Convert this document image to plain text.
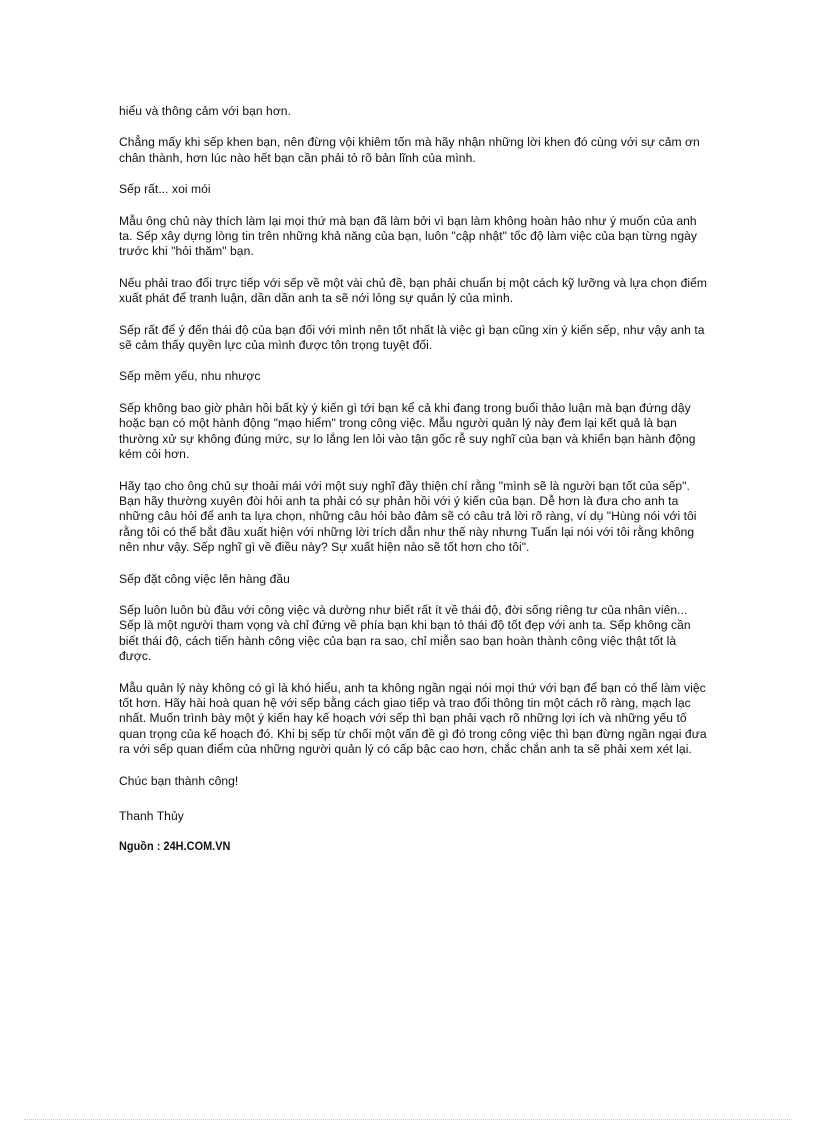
hiểu và thông cảm với bạn hơn.

Chẳng mấy khi sếp khen bạn, nên đừng vội khiêm tốn mà hãy nhận những lời khen đó cùng với sự cảm ơn chân thành, hơn lúc nào hết bạn cần phải tỏ rõ bản lĩnh của mình.

Sếp rất... xoi mói

Mẫu ông chủ này thích làm lại mọi thứ mà bạn đã làm bởi vì bạn làm không hoàn hảo như ý muốn của anh ta. Sếp xây dựng lòng tin trên những khả năng của bạn, luôn "cập nhật" tốc độ làm việc của bạn từng ngày trước khi "hỏi thăm" bạn.

Nếu phải trao đổi trực tiếp với sếp về một vài chủ đề, bạn phải chuẩn bị một cách kỹ lưỡng và lựa chọn điểm xuất phát để tranh luận, dần dần anh ta sẽ nới lỏng sự quản lý của mình.

Sếp rất để ý đến thái độ của bạn đối với mình nên tốt nhất là việc gì bạn cũng xin ý kiến sếp, như vậy anh ta sẽ cảm thấy quyền lực của mình được tôn trọng tuyệt đối.

Sếp mềm yếu, nhu nhược

Sếp không bao giờ phản hồi bất kỳ ý kiến gì tới bạn kể cả khi đang trong buổi thảo luận mà bạn đứng dậy hoặc bạn có một hành động "mạo hiểm" trong công việc. Mẫu người quản lý này đem lại kết quả là bạn thường xử sự không đúng mức, sự lo lắng len lỏi vào tận gốc rễ suy nghĩ của bạn và khiến bạn hành động kém cỏi hơn.

Hãy tạo cho ông chủ sự thoải mái với một suy nghĩ đầy thiện chí rằng "mình sẽ là người bạn tốt của sếp". Bạn hãy thường xuyên đòi hỏi anh ta phải có sự phản hồi với ý kiến của bạn. Dễ hơn là đưa cho anh ta những câu hỏi để anh ta lựa chọn, những câu hỏi bảo đảm sẽ có câu trả lời rõ ràng, ví dụ "Hùng nói với tôi rằng tôi có thể bắt đầu xuất hiện với những lời trích dẫn như thế này nhưng Tuấn lại nói với tôi rằng không nên như vậy. Sếp nghĩ gì về điều này? Sự xuất hiện nào sẽ tốt hơn cho tôi".

Sếp đặt công việc lên hàng đầu

Sếp luôn luôn bù đầu với công việc và dường như biết rất ít về thái độ, đời sống riêng tư của nhân viên... Sếp là một người tham vọng và chỉ đứng về phía bạn khi bạn tỏ thái độ tốt đẹp với anh ta. Sếp không cần biết thái độ, cách tiến hành công việc của bạn ra sao, chỉ miễn sao bạn hoàn thành công việc thật tốt là được.

Mẫu quản lý này không có gì là khó hiểu, anh ta không ngần ngại nói mọi thứ với bạn để bạn có thể làm việc tốt hơn. Hãy hài hoà quan hệ với sếp bằng cách giao tiếp và trao đổi thông tin một cách rõ ràng, mạch lạc nhất. Muốn trình bày một ý kiến hay kế hoạch với sếp thì bạn phải vạch rõ những lợi ích và những yếu tố quan trọng của kế hoạch đó. Khi bị sếp từ chối một vấn đề gì đó trong công việc thì bạn đừng ngần ngại đưa ra với sếp quan điểm của những người quản lý có cấp bậc cao hơn, chắc chắn anh ta sẽ phải xem xét lại.

Chúc bạn thành công!

Thanh Thủy

Nguồn : 24H.COM.VN
